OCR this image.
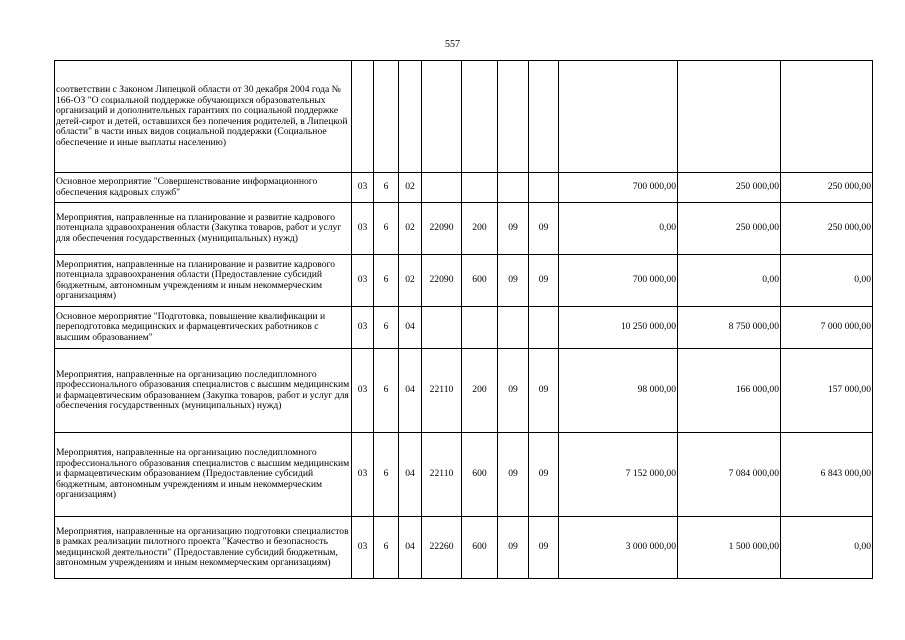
557
соответствии с Законом Липецкой области от 30 декабря 2004 года № 166-ОЗ "О социальной поддержке обучающихся образовательных организаций и дополнительных гарантиях по социальной поддержке детей-сирот и детей, оставшихся без попечения родителей, в Липецкой области" в части иных видов социальной поддержки (Социальное обеспечение и иные выплаты населению)										
Основное мероприятие "Совершенствование информационного обеспечения кадровых служб"	03	6	02					700 000,00	250 000,00	250 000,00
Мероприятия, направленные на планирование и развитие кадрового потенциала здравоохранения области (Закупка товаров, работ и услуг для обеспечения государственных (муниципальных) нужд)	03	6	02	22090	200	09	09	0,00	250 000,00	250 000,00
Мероприятия, направленные на планирование и развитие кадрового потенциала здравоохранения области (Предоставление субсидий бюджетным, автономным учреждениям и иным некоммерческим организациям)	03	6	02	22090	600	09	09	700 000,00	0,00	0,00
Основное мероприятие "Подготовка, повышение квалификации и переподготовка медицинских и фармацевтических работников с высшим образованием"	03	6	04					10 250 000,00	8 750 000,00	7 000 000,00
Мероприятия, направленные на организацию последипломного профессионального образования специалистов с высшим медицинским и фармацевтическим образованием (Закупка товаров, работ и услуг для обеспечения государственных (муниципальных) нужд)	03	6	04	22110	200	09	09	98 000,00	166 000,00	157 000,00
Мероприятия, направленные на организацию последипломного профессионального образования специалистов с высшим медицинским и фармацевтическим образованием (Предоставление субсидий бюджетным, автономным учреждениям и иным некоммерческим организациям)	03	6	04	22110	600	09	09	7 152 000,00	7 084 000,00	6 843 000,00
Мероприятия, направленные на организацию подготовки специалистов в рамках реализации пилотного проекта "Качество и безопасность медицинской деятельности" (Предоставление субсидий бюджетным, автономным учреждениям и иным некоммерческим организациям)	03	6	04	22260	600	09	09	3 000 000,00	1 500 000,00	0,00
